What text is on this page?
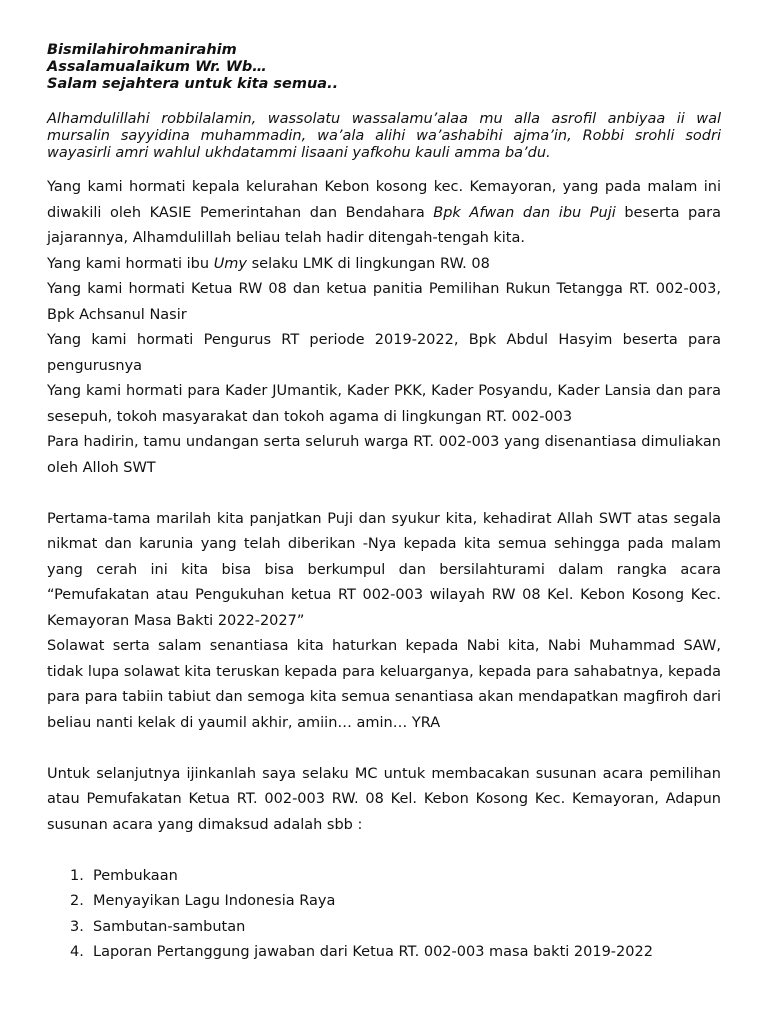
Bismilahirohmanirahim

Assalamualaikum Wr. Wb…

Salam sejahtera untuk kita semua..

Alhamdulillahi robbilalamin, wassolatu wassalamu’alaa mu alla asrofil anbiyaa ii wal mursalin sayyidina muhammadin, wa’ala alihi wa’ashabihi ajma’in, Robbi srohli sodri wayasirli amri wahlul ukhdatammi lisaani yafkohu kauli amma ba’du.

Yang kami hormati kepala kelurahan Kebon kosong kec. Kemayoran, yang pada malam ini diwakili oleh KASIE Pemerintahan dan Bendahara Bpk Afwan dan ibu Puji beserta para jajarannya, Alhamdulillah beliau telah hadir ditengah-tengah kita.

Yang kami hormati ibu Umy selaku LMK di lingkungan RW. 08

Yang kami hormati Ketua RW 08 dan ketua panitia Pemilihan Rukun Tetangga RT. 002-003, Bpk Achsanul Nasir

Yang kami hormati Pengurus RT periode 2019-2022, Bpk Abdul Hasyim beserta para pengurusnya

Yang kami hormati para Kader JUmantik, Kader PKK, Kader Posyandu, Kader Lansia dan para sesepuh, tokoh masyarakat dan tokoh agama di lingkungan RT. 002-003

Para hadirin, tamu undangan serta seluruh warga RT. 002-003 yang disenantiasa dimuliakan oleh Alloh SWT

Pertama-tama marilah kita panjatkan Puji dan syukur kita, kehadirat Allah SWT atas segala nikmat dan karunia yang telah diberikan -Nya kepada kita semua sehingga pada malam yang cerah ini kita bisa bisa berkumpul dan bersilahturami dalam rangka acara “Pemufakatan atau Pengukuhan ketua RT 002-003 wilayah RW 08 Kel. Kebon Kosong Kec. Kemayoran Masa Bakti 2022-2027”

Solawat serta salam senantiasa kita haturkan kepada Nabi kita, Nabi Muhammad SAW, tidak lupa solawat kita teruskan kepada para keluarganya, kepada para sahabatnya, kepada para para tabiin tabiut dan semoga kita semua senantiasa akan mendapatkan magfiroh dari beliau nanti kelak di yaumil akhir, amiin… amin… YRA

Untuk selanjutnya ijinkanlah saya selaku MC untuk membacakan susunan acara pemilihan atau Pemufakatan Ketua RT. 002-003 RW. 08 Kel. Kebon Kosong Kec. Kemayoran, Adapun susunan acara yang dimaksud adalah sbb :

1. Pembukaan
2. Menyayikan Lagu Indonesia Raya
3. Sambutan-sambutan
4. Laporan Pertanggung jawaban dari Ketua RT. 002-003 masa bakti 2019-2022
